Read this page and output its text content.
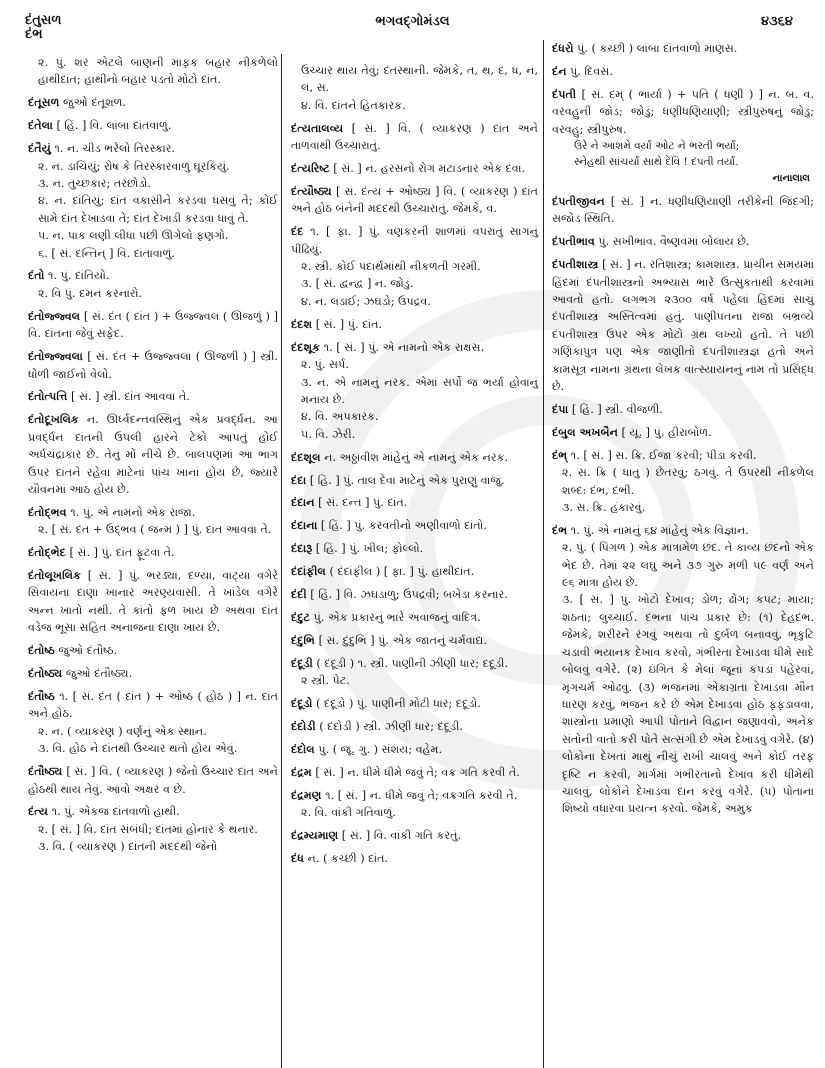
દંતુસળ
દંભ
ભગવદ્ગોમંડલ	૪૩૬૪
૨. પું. શર એટલે બાણની માફક બહાર નીકળેલો હાથીદાંત; હાથીનો બહાર પડતો મોટો દાંત.
દંતૂસળ જુઓ દંતૂશળ.
દંતેલા [ હિં. ] વિ. લાંબા દાંતવાળું.
દંતૈયું ૧. ન. ચીડ ભરેલો તિરસ્કાર.
૨. ન. ડાચિયું; રોષ કે તિરસ્કારવાળું ઘૂરકિયું.
૩. ન. તુચ્છકાર; તરછોડો.
૪. ન. દાંતિયું; દાંત વકાસીને કરડવા ધસવું તે; કોઈ સામે દાંત દેખાડવા તે; દાંત દેખાડી કરડવા ધાવું તે.
૫. ન. પાક લણી લીધા પછી ઊગેલો ફણગો.
૬. [ સં. દન્તિન્ ] વિ. દાંતાવાળું.
દંતો ૧. પું. દાંતિયો.
૨. વિ પું. દમન કરનારો.
દંતોજ્જ્વલ [ સં. દંત ( દાંત ) + ઉજ્જ્વલ ( ઊજળું ) ] વિ. દાંતના જેવું સફેદ.
દંતોજ્જ્વલા [ સં. દંત + ઉજ્જ્વલા ( ઊજળી ) ] સ્ત્રી. ધોળી જાઈનો વેલો.
દંતોત્પત્તિ [ સં. ] સ્ત્રી. દાંત આવવા તે.
દંતોદૂખલિક ન. ઊર્ધ્વદન્તવસ્થિનું એક પ્રવર્દ્ધન. આ પ્રવર્દ્ધન દાંતની ઉપલી હારને ટેકો આપતું હોઈ અર્ધચંદ્રાકાર છે. તેનું મોં નીચે છે. બાલપણમાં આ ભાગ ઉપર દાંતને રહેવા માટેનાં પાંચ ખાનાં હોય છે, જ્યારે યૌવનમાં આઠ હોય છે.
દંતોદ્ભવ ૧. પું. એ નામનો એક રાજા.
૨. [ સં. દંત + ઉદ્ભવ ( જન્મ ) ] પું. દાંત આવવા તે.
દંતોદ્ભેદ [ સં. ] પું. દાંત ફૂટવા તે.
દંતોલૂખલિક [ સં. ] પું. ભરડ્યા, દળ્યા, વાટ્યા વગેરે સિવાયના દાણા ખાનાર અરણ્યવાસી. તે ખાંડેલ વગેરે અન્ન ખાતો નથી. તે કાંતો ફળ ખાય છે અથવા દાંત વડેજ ભૂસા સહિત અનાજના દાણા ખાય છે.
દંતોષ્ઠ જુઓ દંતૌષ્ઠ.
દંતોષ્ઠ્ય જુઓ દંતૌષ્ઠ્ય.
દંતૌષ્ઠ ૧. [ સં. દંત ( દાંત ) + ઓષ્ઠ ( હોઠ ) ] ન. દાંત અને હોઠ.
૨. ન. ( વ્યાકરણ ) વર્ણનું એક સ્થાન.
૩. વિ. હોઠ ને દાંતથી ઉચ્ચાર થતો હોય એવું.
દંતૌષ્ઠ્ય [ સં. ] વિ. ( વ્યાકરણ ) જેનો ઉચ્ચાર દાંત અને હોઠથી થાય તેવું. આવો અક્ષર વ છે.
દંત્ય ૧. પું. એકજ દાંતવાળો હાથી.
૨. [ સં. ] વિ. દાંત સંબંધી; દાંતમાં હોનાર કે થનાર.
૩. વિ. ( વ્યાકરણ ) દાંતની મદદથી જેનો
ઉચ્ચાર થાય તેવું; દંતસ્થાની. જેમકે, ત, થ, દ, ધ, ન, લ, સ.
૪. વિ. દાંતને હિતકારક.
દંત્યતાલવ્ય [ સં. ] વિ. ( વ્યાકરણ ) દાંત અને તાળવાથી ઉચ્ચારાતું.
દંત્યરિષ્ટ [ સં. ] ન. હરસનો રોગ મટાડનાર એક દવા.
દંત્યૌષ્ઠ્ય [ સં. દંત્ય + ઓષ્ઠ્ય ] વિ. ( વ્યાકરણ ) દાંત અને હોઠ બંનેની મદદથી ઉચ્ચારાતું. જેમકે, વ.
દંદ ૧. [ ફા. ] પું. વણકરની શાળમાં વપરાતું સાગનું પીંઢિયું.
૨. સ્ત્રી. કોઈ પદાર્થમાંથી નીકળતી ગરમી.
૩. [ સં. દ્વન્દ્વ ] ન. જોડું.
૪. ન. લડાઈ; ઝઘડો; ઉપદ્રવ.
દંદશ [ સં. ] પું. દાંત.
દંદશૂક ૧. [ સં. ] પું. એ નામનો એક રાક્ષસ.
૨. પું. સર્પ.
૩. ન. એ નામનું નરક. એમાં સર્પો જ ભર્યા હોવાનું મનાય છે.
૪. વિ. અપકારક.
૫. વિ. ઝેરી.
દંદશૂલ ન. અઠ્ઠાવીશ માંહેનું એ નામનું એક નરક.
દંદા [ હિં. ] પું. તાલ દેવા માટેનું એક પુરાણું વાજું.
દંદાન [ સં. દન્ત ] પું. દાંત.
દંદાના [ હિં. ] પું. કરવતીનો અણીવાળો દાંતો.
દંદારૂ [ હિં. ] પું. ખીલ; ફોલ્લો.
દંદાંફીલ ( દંદાંફીલ ) [ ફા. ] પું. હાથીદાંત.
દંદી [ હિં. ] વિ. ઝઘડાળુ; ઉપદ્રવી; બખેડા કરનાર.
દંદુટ પું. એક પ્રકારનું ભારે અવાજનું વાદિત્ર.
દંદુભિ [ સં. દુંદુભિ ] પું. એક જાતનું ચર્મવાદ્ય.
દંદૂડી ( દંદૂડી ) ૧. સ્ત્રી. પાણીની ઝીણી ધાર; દદૂડી.
૨ સ્ત્રી. પેટ.
દંદૂડો ( દંદૂડો ) પું. પાણીની મોટી ધાર; દદૂડો.
દંદોડી ( દંદોડી ) સ્ત્રી. ઝીણી ધાર; દંદૂડી.
દંદોલ પું. ( જૂ. ગુ. ) સંશય; વહેમ.
દંદ્રમ [ સં. ] ન. ધીમે ધીમે જવું તે; વક્ર ગતિ કરવી તે.
દંદ્રમણ ૧. [ સં. ] ન. ધીમે જવું તે; વક્રગતિ કરવી તે.
૨. વિ. વાંકી ગતિવાળું.
દંદ્રમ્યમાણ [ સં. ] વિ. વાંકી ગતિ કરતું.
દંધ ન. ( કચ્છી ) દાંત.
દંધરો પું. ( કચ્છી ) લાંબા દાંતવાળો માણસ.
દંન પું. દિવસ.
દંપતી [ સં. દમ્ ( ભાર્યા ) + પતિ ( ધણી ) ] ન. બ. વ. વરવહુની જોડ; જોડું; ધણીધણિયાણી; સ્ત્રીપુરુષનું જોડું; વરવહુ; સ્ત્રીપુરુષ.
ઉરે ને આશમે વર્યાં ઓટ ને ભરતી ભર્યાં;
સ્નેહથી સાંચર્યાં સાથે દેવિ ! દંપતી તર્યાં.
નાનાલાલ
દંપતીજીવન [ સં. ] ન. ધણીધણિયાણી તરીકેની જિંદગી; સજોડ સ્થિતિ.
દંપતીભાવ પું. સખીભાવ. વૈષ્ણવમાં બોલાય છે.
દંપતીશાસ્ત્ર [ સં. ] ન. રતિશાસ્ત્ર; કામશાસ્ત્ર. પ્રાચીન સમયમાં હિંદમાં દંપતીશાસ્ત્રનો અભ્યાસ ભારે ઉત્સુકતાથી કરવામાં આવતો હતો. લગભગ ૨૩૦૦ વર્ષ પહેલાં હિંદમાં સાચું દંપતીશાસ્ત્ર અસ્તિત્વમાં હતું. પાણીપતના રાજા બભ્રવ્યે દંપતીશાસ્ત્ર ઉપર એક મોટો ગ્રંથ લખ્યો હતો. તે પછી ગણિકાપુત્ર પણ એક જાણીતો દંપતીશાસ્ત્રજ્ઞ હતો અને કામસૂત્ર નામના ગ્રંથના લેખક વાત્સ્યાયનનું નામ તો પ્રસિદ્ધ છે.
દંપા [ હિં. ] સ્ત્રી. વીજળી.
દંબુલ અખબૈન [ યૂ. ] પું. હીરાબોળ.
દંભ્ ૧. [ સં. ] સ. ક્રિ. ઈજા કરવી; પીડા કરવી.
૨. સ. ક્રિ ( ધાતુ ) છેતરવું; ઠગવું. તે ઉપરથી નીકળેલ શબ્દ: દંભ, દંભી.
૩. સ. ક્રિ. હંકારવું.
દંભ ૧. પું. એ નામનું ૬૪ માંહેનું એક વિજ્ઞાન.
૨. પું. ( પિંગળ ) એક માત્રામેળ છંદ. તે કાવ્ય છંદનો એક ભેદ છે. તેમાં ૨૨ લઘુ અને ૩૭ ગુરુ મળી ૫૯ વર્ણ અને ૯૬ માત્રા હોય છે.
૩. [ સં. ] પું. ખોટો દેખાવ; ડોળ; ઢોંગ; કપટ; માયા; શઠતા; લુચ્ચાઈ. દંભના પાંચ પ્રકાર છે: (૧) દેહદંભ. જેમકે, શરીરને રંગવું અથવા તો દુર્બળ બનાવવું, ભૃકુટિ ચડાવી ભયાનક દેખાવ કરવો, ગંભીરતા દેખાડવા ધીમે સાદે બોલવું વગેરે. (૨) ઇંગિત કે મેલાં જૂનાં કપડાં પહેરવાં, મૃગચર્મ ઓઢવું. (૩) ભજનમાં એકાગ્રતા દેખાડવા મૌન ધારણ કરવું, ભજન કરે છે એમ દેખાડવા હોઠ ફફડાવવા, શાસ્ત્રોનાં પ્રમાણો આપી પોતાને વિદ્વાન જણાવવો, અનેક સંતોની વાતો કરી પોતે સત્સંગી છે એમ દેખાડવું વગેરે. (૪) લોકોના દેખતાં માથું નીચું રાખી ચાલવું અને કોઈ તરફ દૃષ્ટિ ન કરવી, માર્ગમાં ગંભીરતાનો દેખાવ કરી ધીમેથી ચાલવું, લોકોને દેખાડવા દાન કરવું વગેરે. (૫) પોતાના શિષ્યો વધારવા પ્રયત્ન કરવો. જેમકે, અમુક
